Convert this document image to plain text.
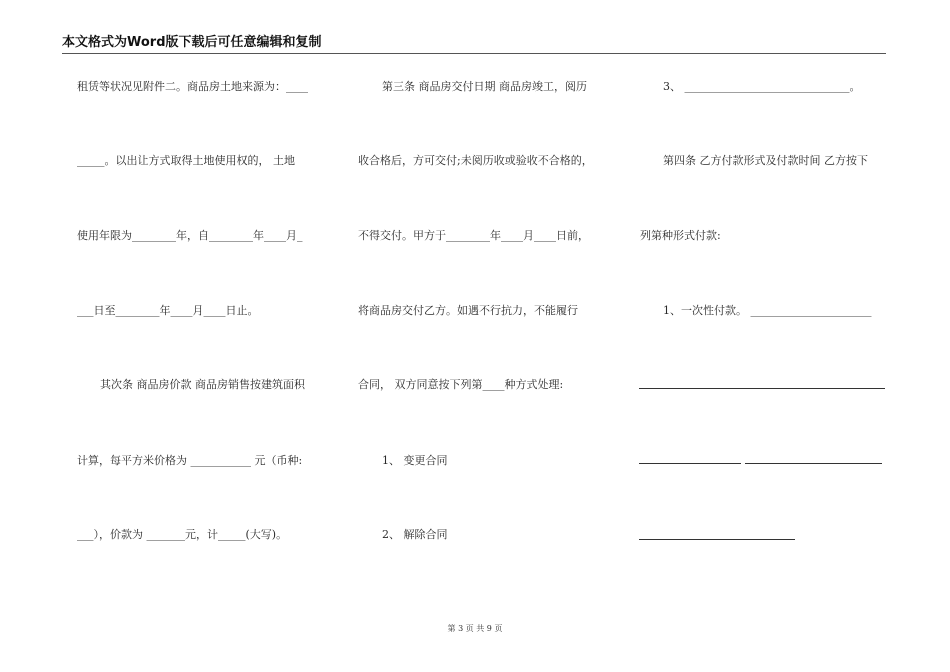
本文格式为Word版下载后可任意编辑和复制
租赁等状况见附件二。商品房土地来源为：____
_____。以出让方式取得土地使用权的， 土地
使用年限为________年，自________年____月_
___日至________年____月____日止。
其次条 商品房价款 商品房销售按建筑面积
计算，每平方米价格为 ___________ 元（币种:
___），价款为 _______元，计_____(大写)。
第三条 商品房交付日期 商品房竣工，阅历
收合格后，方可交付;未阅历收或验收不合格的，
不得交付。甲方于________年____月____日前，
将商品房交付乙方。如遇不行抗力，不能履行
合同， 双方同意按下列第____种方式处理:
1、 变更合同
2、 解除合同
3、 ______________________________。
第四条 乙方付款形式及付款时间 乙方按下
列第种形式付款:
1、一次性付款。 ______________________
第 3 页 共 9 页
